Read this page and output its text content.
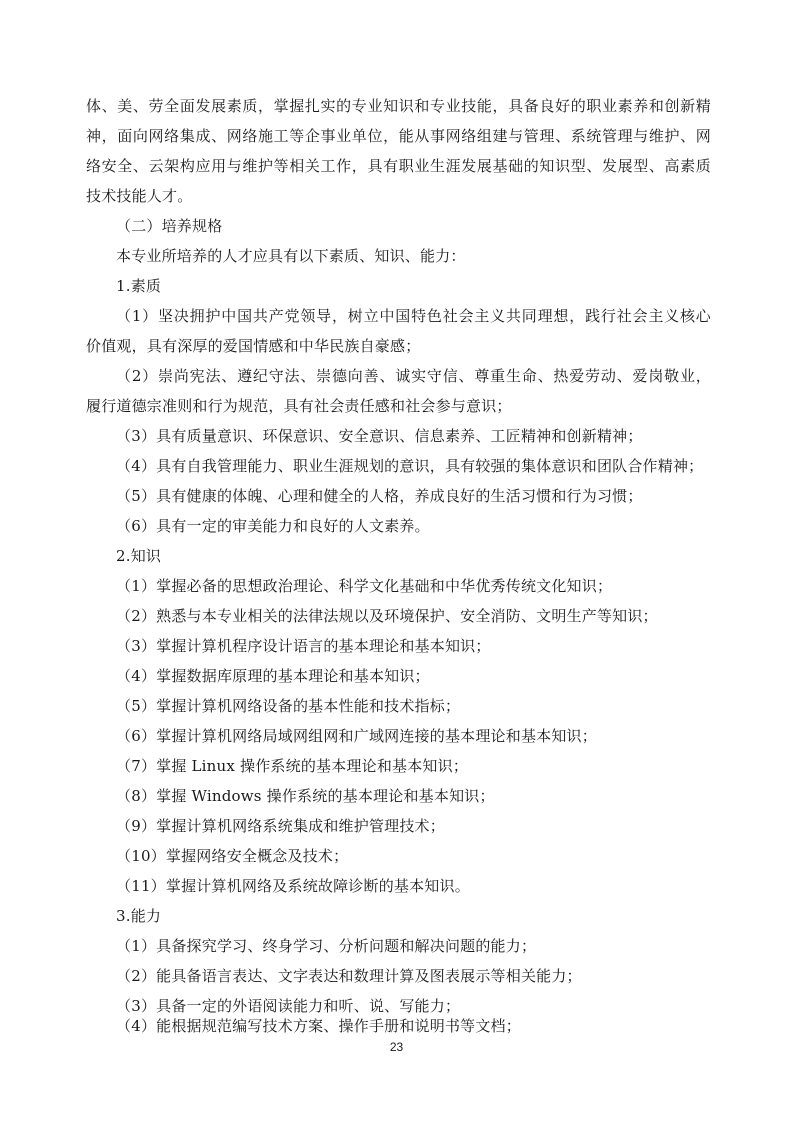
体、美、劳全面发展素质，掌握扎实的专业知识和专业技能，具备良好的职业素养和创新精
神，面向网络集成、网络施工等企事业单位，能从事网络组建与管理、系统管理与维护、网
络安全、云架构应用与维护等相关工作，具有职业生涯发展基础的知识型、发展型、高素质
技术技能人才。
（二）培养规格
本专业所培养的人才应具有以下素质、知识、能力：
1.素质
（1）坚决拥护中国共产党领导，树立中国特色社会主义共同理想，践行社会主义核心
价值观，具有深厚的爱国情感和中华民族自豪感；
（2）崇尚宪法、遵纪守法、崇德向善、诚实守信、尊重生命、热爱劳动、爱岗敬业，
履行道德宗准则和行为规范，具有社会责任感和社会参与意识；
（3）具有质量意识、环保意识、安全意识、信息素养、工匠精神和创新精神；
（4）具有自我管理能力、职业生涯规划的意识，具有较强的集体意识和团队合作精神；
（5）具有健康的体魄、心理和健全的人格，养成良好的生活习惯和行为习惯；
（6）具有一定的审美能力和良好的人文素养。
2.知识
（1）掌握必备的思想政治理论、科学文化基础和中华优秀传统文化知识；
（2）熟悉与本专业相关的法律法规以及环境保护、安全消防、文明生产等知识；
（3）掌握计算机程序设计语言的基本理论和基本知识；
（4）掌握数据库原理的基本理论和基本知识；
（5）掌握计算机网络设备的基本性能和技术指标；
（6）掌握计算机网络局域网组网和广域网连接的基本理论和基本知识；
（7）掌握 Linux 操作系统的基本理论和基本知识；
（8）掌握 Windows 操作系统的基本理论和基本知识；
（9）掌握计算机网络系统集成和维护管理技术；
（10）掌握网络安全概念及技术；
（11）掌握计算机网络及系统故障诊断的基本知识。
3.能力
（1）具备探究学习、终身学习、分析问题和解决问题的能力；
（2）能具备语言表达、文字表达和数理计算及图表展示等相关能力；
（3）具备一定的外语阅读能力和听、说、写能力；
（4）能根据规范编写技术方案、操作手册和说明书等文档；
23
